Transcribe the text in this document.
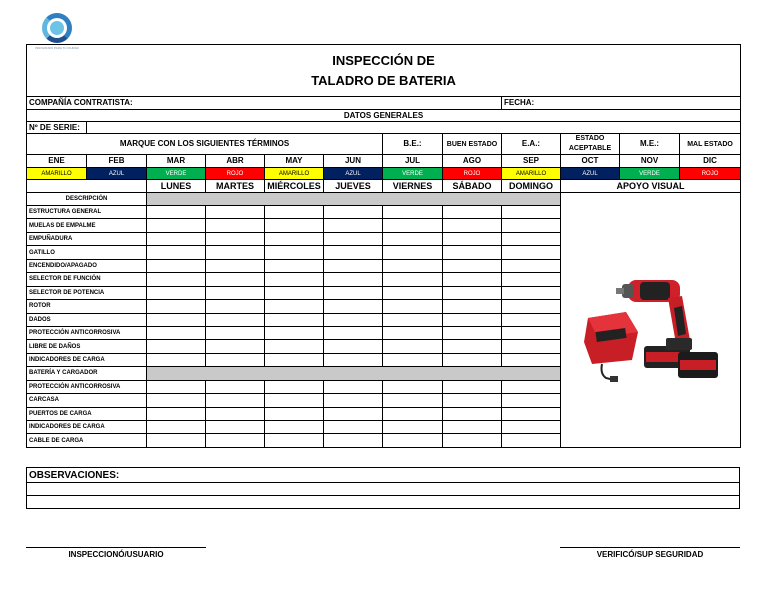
INSPECCIÓN DE
TALADRO DE BATERIA											

COMPAÑÍA CONTRATISTA:								FECHA:			
DATOS GENERALES											
Nº DE SERIE:											
MARQUE CON LOS SIGUIENTES TÉRMINOS						B.E.:	BUEN ESTADO	E.A.:	ESTADO
ACEPTABLE	M.E.:	MAL ESTADO
ENE	FEB	MAR	ABR	MAY	JUN	JUL	AGO	SEP	OCT	NOV	DIC
AMARILLO	AZUL	VERDE	ROJO	AMARILLO	AZUL	VERDE	ROJO	AMARILLO	AZUL	VERDE	ROJO
		LUNES	MARTES	MIÉRCOLES	JUEVES	VIERNES	SÁBADO	DOMINGO	APOYO VISUAL		
DESCRIPCIÓN											
ESTRUCTURA GENERAL											
MUELAS DE EMPALME											
EMPUÑADURA											
GATILLO											
ENCENDIDO/APAGADO											
SELECTOR DE FUNCIÓN											
SELECTOR DE POTENCIA											
ROTOR											
DADOS											
PROTECCIÓN ANTICORROSIVA											
LIBRE DE DAÑOS											
INDICADORES DE CARGA											
BATERÍA Y CARGADOR											
PROTECCIÓN ANTICORROSIVA											
CARCASA											
PUERTOS DE CARGA											
INDICADORES DE CARGA											
CABLE DE CARGA											
INNOVANDO PARA TU CIUDAD
OBSERVACIONES:

INSPECCIONÓ/USUARIO	VERIFICÓ/SUP SEGURIDAD
